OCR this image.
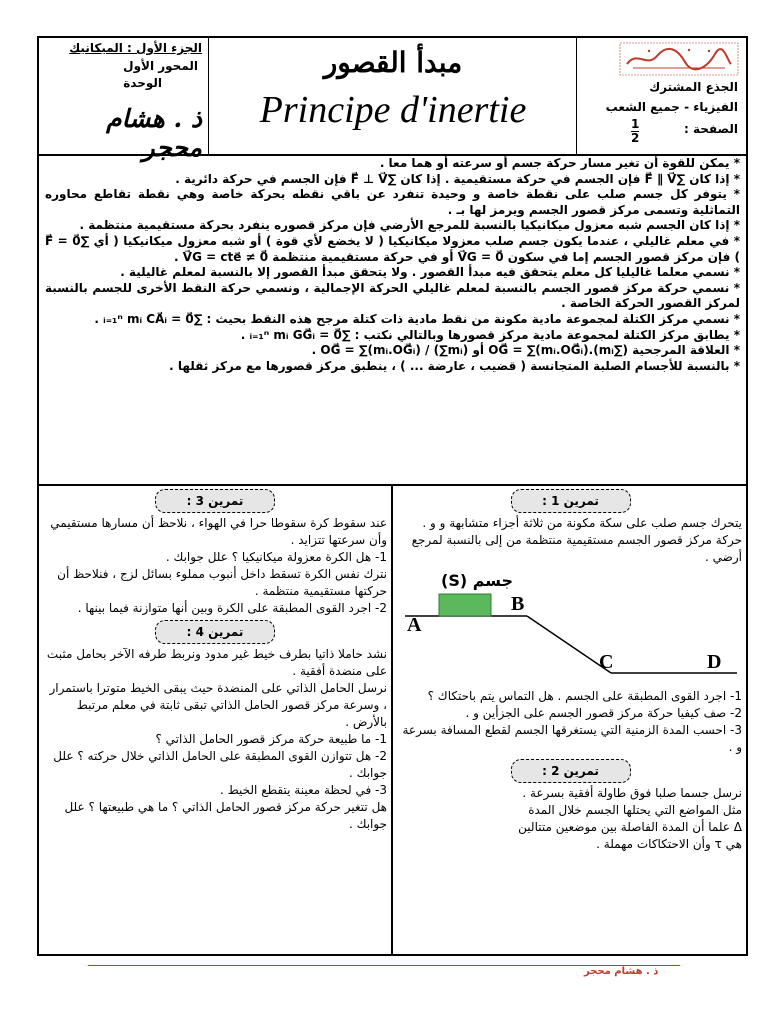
الجزء الأول : الميكانيك
المحور الأول
الوحدة
ذ . هشام محجر
مبدأ القصور
Principe d'inertie
الجذع المشترك
الفيزياء - جميع الشعب
الصفحة :
$\frac{1}{2}$

* يمكن للقوة أن تغير مسار حركة جسم أو سرعته أو هما معا .

* إذا كان ∑F⃗ ∥ V⃗ فإن الجسم في حركة مستقيمية . إذا كان ∑F⃗ ⊥ V⃗ فإن الجسم في حركة دائرية .

* يتوفر كل جسم صلب على نقطة خاصة و وحيدة تنفرد عن باقي نقطه بحركة خاصة وهي نقطة تقاطع محاوره التماثلية وتسمى مركز قصور الجسم ويرمز لها بـ .

* إذا كان الجسم شبه معزول ميكانيكيا بالنسبة للمرجع الأرضي فإن مركز قصوره ينفرد بحركة مستقيمية منتظمة .

* في معلم غاليلي ، عندما يكون جسم صلب معزولا ميكانيكيا ( لا يخضع لأي قوة ) أو شبه معزول ميكانيكيا ( أي ∑F⃗ = 0⃗ ) فإن مركز قصور الجسم إما في سكون V⃗G = 0⃗ أو في حركة مستقيمية منتظمة V⃗G = cte⃗ ≠ 0⃗ .

* نسمي معلما غاليليا كل معلم يتحقق فيه مبدأ القصور . ولا يتحقق مبدأ القصور إلا بالنسبة لمعلم غاليلية .

* نسمي حركة مركز قصور الجسم بالنسبة لمعلم غاليلي الحركة الإجمالية ، ونسمي حركة النقط الأخرى للجسم بالنسبة لمركز القصور الحركة الخاصة .

* نسمي مركز الكتلة لمجموعة مادية مكونة من نقط مادية ذات كتلة مرجح هذه النقط بحيث : ∑ᵢ₌₁ⁿ mᵢ CA⃗ᵢ = 0⃗ .

* يطابق مركز الكتلة لمجموعة مادية مركز قصورها وبالتالي نكتب : ∑ᵢ₌₁ⁿ mᵢ GG⃗ᵢ = 0⃗ .

* العلاقة المرجحية (∑mᵢ).OG⃗ = ∑(mᵢ.OG⃗ᵢ) أو OG⃗ = ∑(mᵢ.OG⃗ᵢ) / (∑mᵢ) .

* بالنسبة للأجسام الصلبة المتجانسة ( قضيب ، عارضة ... ) ، ينطبق مركز قصورها مع مركز ثقلها .

تمرين 1 :

يتحرك جسم صلب على سكة مكونة من ثلاثة أجزاء متشابهة و و .

حركة مركز قصور الجسم مستقيمية منتظمة من إلى بالنسبة لمرجع أرضي .

A
B
C	D
(S) جسم

1- اجرد القوى المطبقة على الجسم . هل التماس يتم باحتكاك ؟

2- صف كيفيا حركة مركز قصور الجسم على الجزأين و .

3- احسب المدة الزمنية التي يستغرقها الجسم لقطع المسافة بسرعة و .

تمرين 2 :

نرسل جسما صلبا فوق طاولة أفقية بسرعة .

مثل المواضع التي يحتلها الجسم خلال المدة

Δ علما أن المدة الفاصلة بين موضعين متتالين

هي τ وأن الاحتكاكات مهملة .

تمرين 3 :

عند سقوط كرة سقوطا حرا في الهواء ، نلاحظ أن مسارها مستقيمي وأن سرعتها تتزايد .

1- هل الكرة معزولة ميكانيكيا ؟ علل جوابك .

نترك نفس الكرة تسقط داخل أنبوب مملوء بسائل لزج ، فنلاحظ أن حركتها مستقيمية منتظمة .

2- اجرد القوى المطبقة على الكرة وبين أنها متوازنة فيما بينها .

تمرين 4 :

نشد حاملا ذاتيا بطرف خيط غير مدود ونربط طرفه الآخر بحامل مثبت على منضدة أفقية .

نرسل الحامل الذاتي على المنضدة حيث يبقى الخيط متوترا باستمرار ، وسرعة مركز قصور الحامل الذاتي تبقى ثابتة في معلم مرتبط بالأرض .

1- ما طبيعة حركة مركز قصور الحامل الذاتي ؟

2- هل تتوازن القوى المطبقة على الحامل الذاتي خلال حركته ؟ علل جوابك .

3- في لحظة معينة يتقطع الخيط .

هل تتغير حركة مركز قصور الحامل الذاتي ؟ ما هي طبيعتها ؟ علل جوابك .

ذ . هشام محجر
